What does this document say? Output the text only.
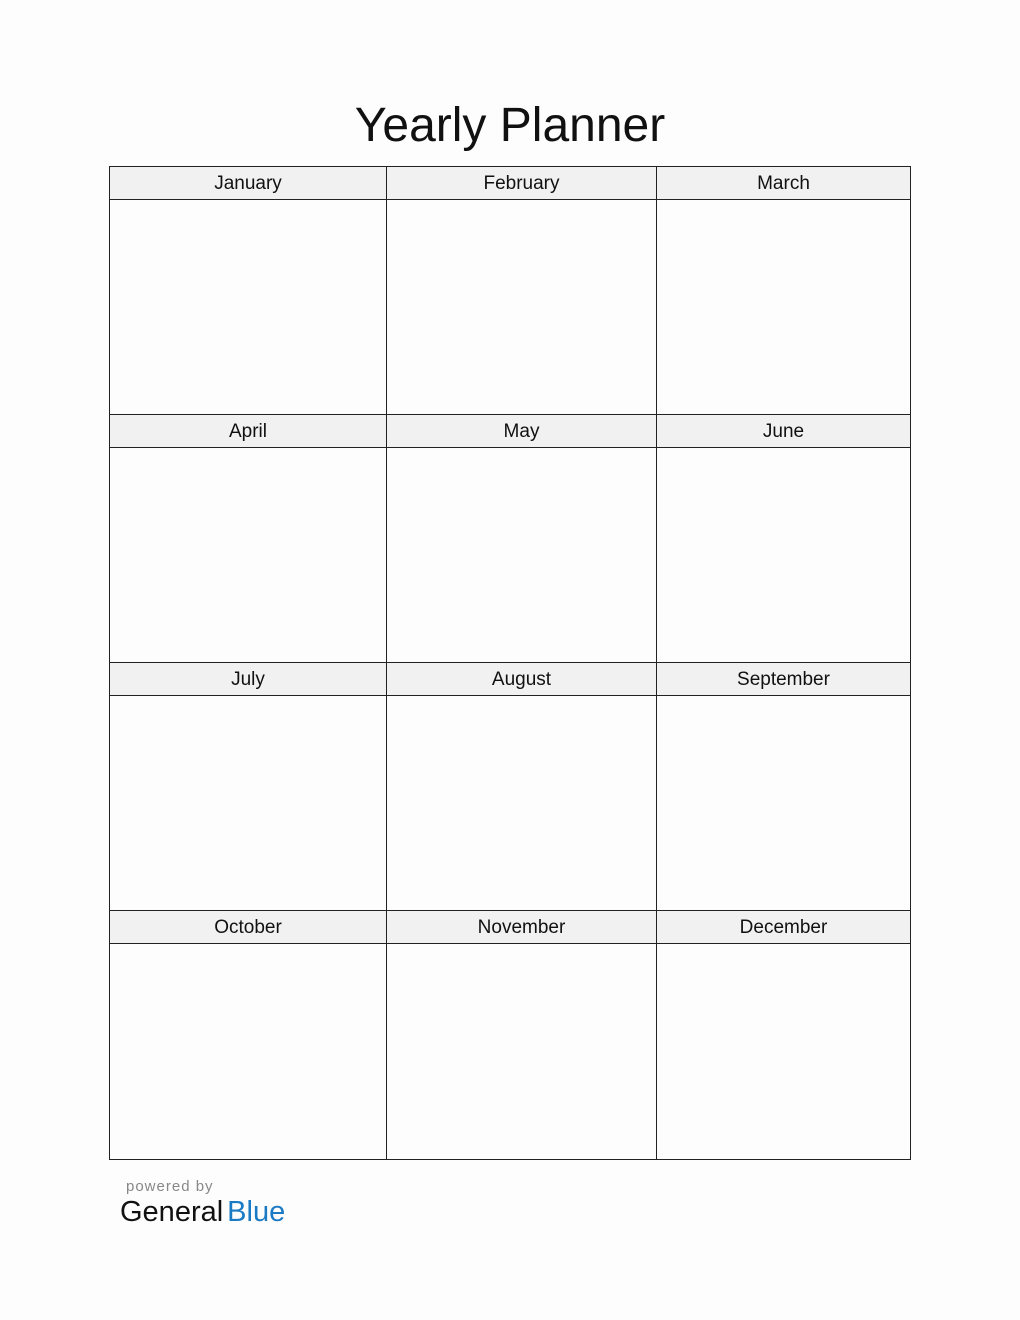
Yearly Planner
January	February	March
April	May	June
July	August	September
October	November	December
powered by
General Blue
